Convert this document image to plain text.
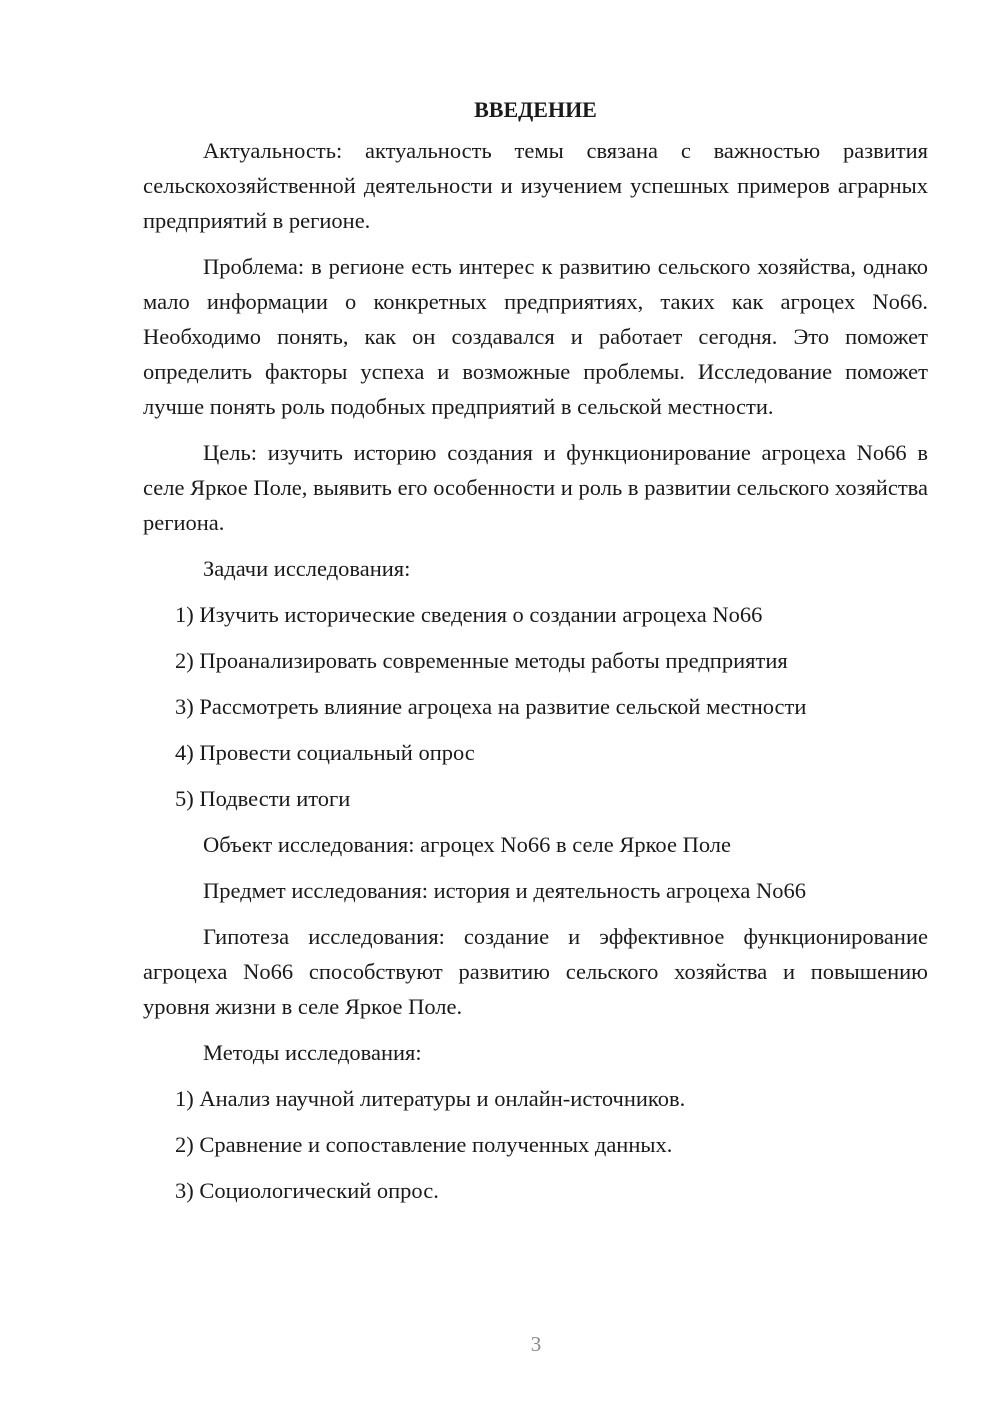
ВВЕДЕНИЕ

Актуальность: актуальность темы связана с важностью развития сельскохозяйственной деятельности и изучением успешных примеров аграрных предприятий в регионе.

Проблема: в регионе есть интерес к развитию сельского хозяйства, однако мало информации о конкретных предприятиях, таких как агроцех No66. Необходимо понять, как он создавался и работает сегодня. Это поможет определить факторы успеха и возможные проблемы. Исследование поможет лучше понять роль подобных предприятий в сельской местности.

Цель: изучить историю создания и функционирование агроцеха No66 в селе Яркое Поле, выявить его особенности и роль в развитии сельского хозяйства региона.

Задачи исследования:
1) Изучить исторические сведения о создании агроцеха No66
2) Проанализировать современные методы работы предприятия
3) Рассмотреть влияние агроцеха на развитие сельской местности
4) Провести социальный опрос
5) Подвести итоги
Объект исследования: агроцех No66 в селе Яркое Поле
Предмет исследования: история и деятельность агроцеха No66

Гипотеза исследования: создание и эффективное функционирование агроцеха No66 способствуют развитию сельского хозяйства и повышению уровня жизни в селе Яркое Поле.

Методы исследования:
1) Анализ научной литературы и онлайн-источников.
2) Сравнение и сопоставление полученных данных.
3) Социологический опрос.
3
